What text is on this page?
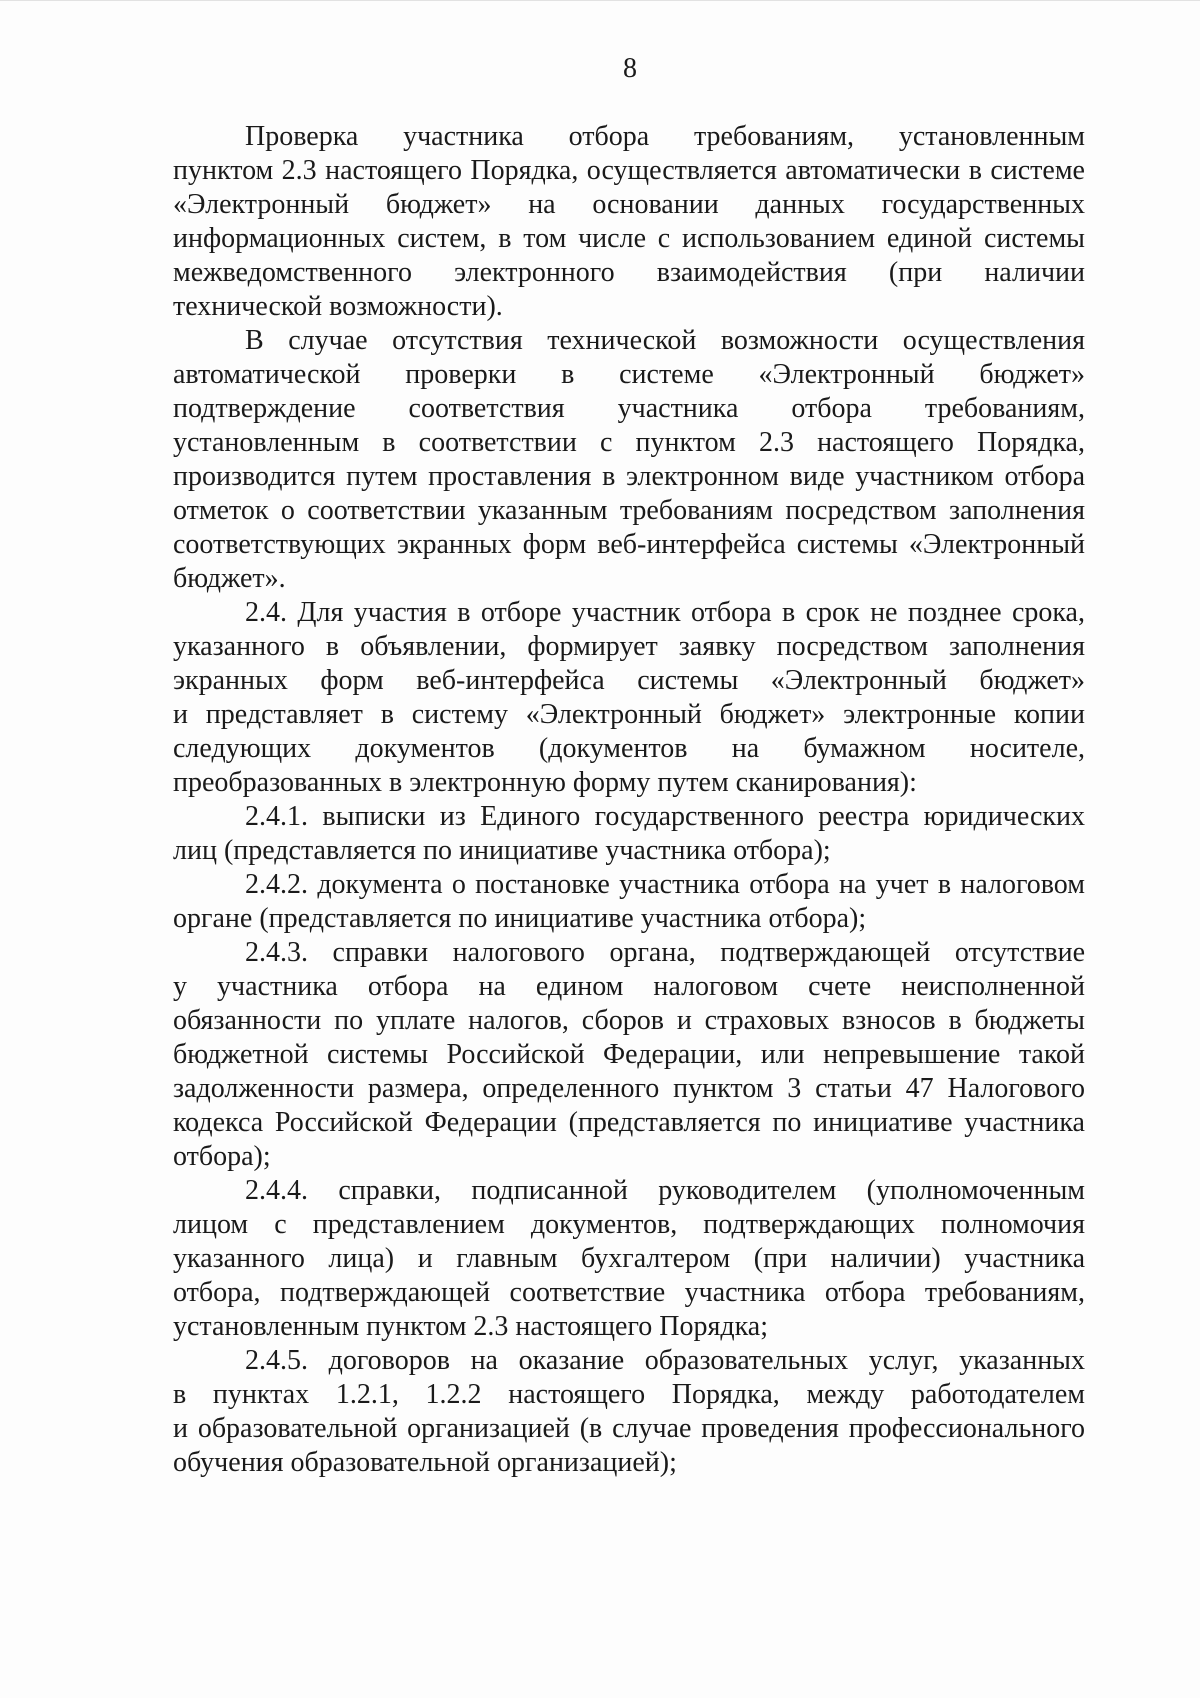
8

Проверка участника отбора требованиям, установленным
пунктом 2.3 настоящего Порядка, осуществляется автоматически в системе
«Электронный бюджет» на основании данных государственных
информационных систем, в том числе с использованием единой системы
межведомственного электронного взаимодействия (при наличии
технической возможности).

В случае отсутствия технической возможности осуществления
автоматической проверки в системе «Электронный бюджет»
подтверждение соответствия участника отбора требованиям,
установленным в соответствии с пунктом 2.3 настоящего Порядка,
производится путем проставления в электронном виде участником отбора
отметок о соответствии указанным требованиям посредством заполнения
соответствующих экранных форм веб-интерфейса системы «Электронный
бюджет».

2.4. Для участия в отборе участник отбора в срок не позднее срока,
указанного в объявлении, формирует заявку посредством заполнения
экранных форм веб-интерфейса системы «Электронный бюджет»
и представляет в систему «Электронный бюджет» электронные копии
следующих документов (документов на бумажном носителе,
преобразованных в электронную форму путем сканирования):

2.4.1. выписки из Единого государственного реестра юридических
лиц (представляется по инициативе участника отбора);

2.4.2. документа о постановке участника отбора на учет в налоговом
органе (представляется по инициативе участника отбора);

2.4.3. справки налогового органа, подтверждающей отсутствие
у участника отбора на едином налоговом счете неисполненной
обязанности по уплате налогов, сборов и страховых взносов в бюджеты
бюджетной системы Российской Федерации, или непревышение такой
задолженности размера, определенного пунктом 3 статьи 47 Налогового
кодекса Российской Федерации (представляется по инициативе участника
отбора);

2.4.4. справки, подписанной руководителем (уполномоченным
лицом с представлением документов, подтверждающих полномочия
указанного лица) и главным бухгалтером (при наличии) участника
отбора, подтверждающей соответствие участника отбора требованиям,
установленным пунктом 2.3 настоящего Порядка;

2.4.5. договоров на оказание образовательных услуг, указанных
в пунктах 1.2.1, 1.2.2 настоящего Порядка, между работодателем
и образовательной организацией (в случае проведения профессионального
обучения образовательной организацией);
